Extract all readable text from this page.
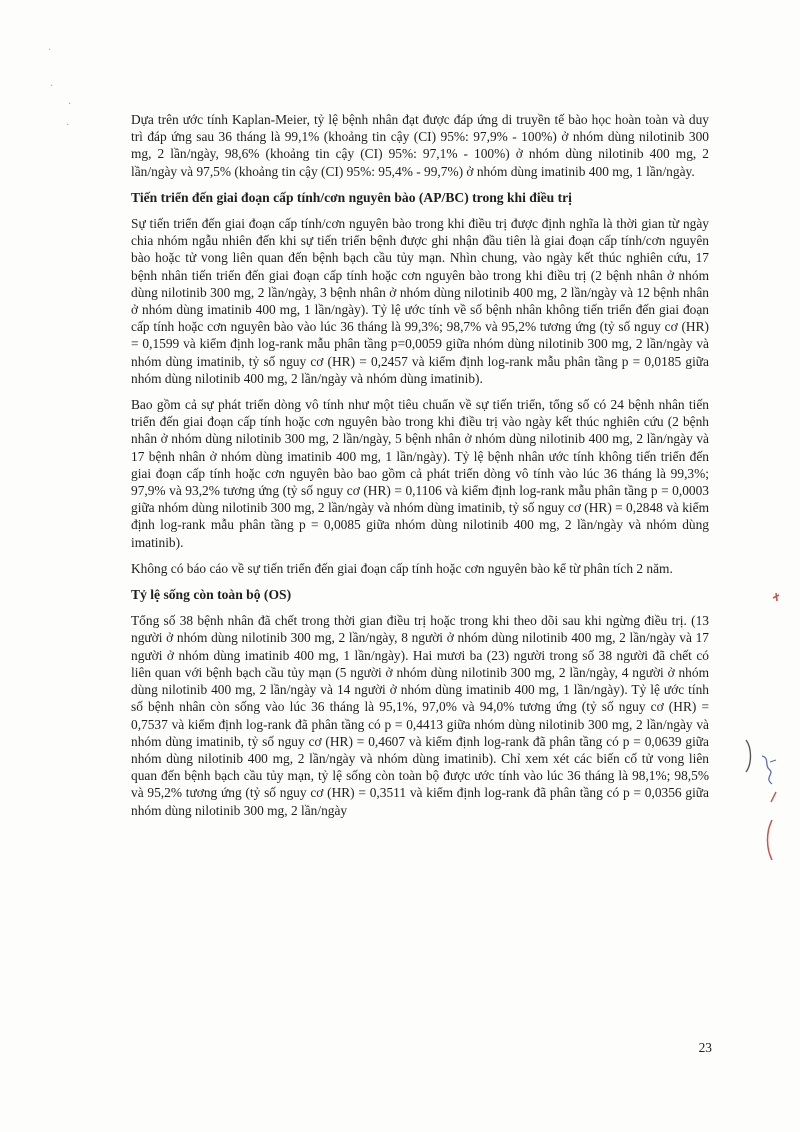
·
·
·
·	Dựa trên ước tính Kaplan-Meier, tỷ lệ bệnh nhân đạt được đáp ứng di truyền tế bào học hoàn toàn và duy trì đáp ứng sau 36 tháng là 99,1% (khoảng tin cậy (CI) 95%: 97,9% - 100%) ở nhóm dùng nilotinib 300 mg, 2 lần/ngày, 98,6% (khoảng tin cậy (CI) 95%: 97,1% - 100%) ở nhóm dùng nilotinib 400 mg, 2 lần/ngày và 97,5% (khoảng tin cậy (CI) 95%: 95,4% - 99,7%) ở nhóm dùng imatinib 400 mg, 1 lần/ngày.

Tiến triển đến giai đoạn cấp tính/cơn nguyên bào (AP/BC) trong khi điều trị

Sự tiến triển đến giai đoạn cấp tính/cơn nguyên bào trong khi điều trị được định nghĩa là thời gian từ ngày chia nhóm ngẫu nhiên đến khi sự tiến triển bệnh được ghi nhận đầu tiên là giai đoạn cấp tính/cơn nguyên bào hoặc tử vong liên quan đến bệnh bạch cầu tủy mạn. Nhìn chung, vào ngày kết thúc nghiên cứu, 17 bệnh nhân tiến triển đến giai đoạn cấp tính hoặc cơn nguyên bào trong khi điều trị (2 bệnh nhân ở nhóm dùng nilotinib 300 mg, 2 lần/ngày, 3 bệnh nhân ở nhóm dùng nilotinib 400 mg, 2 lần/ngày và 12 bệnh nhân ở nhóm dùng imatinib 400 mg, 1 lần/ngày). Tỷ lệ ước tính về số bệnh nhân không tiến triển đến giai đoạn cấp tính hoặc cơn nguyên bào vào lúc 36 tháng là 99,3%; 98,7% và 95,2% tương ứng (tỷ số nguy cơ (HR) = 0,1599 và kiểm định log-rank mẫu phân tầng p=0,0059 giữa nhóm dùng nilotinib 300 mg, 2 lần/ngày và nhóm dùng imatinib, tỷ số nguy cơ (HR) = 0,2457 và kiểm định log-rank mẫu phân tầng p = 0,0185 giữa nhóm dùng nilotinib 400 mg, 2 lần/ngày và nhóm dùng imatinib).

Bao gồm cả sự phát triển dòng vô tính như một tiêu chuẩn về sự tiến triển, tổng số có 24 bệnh nhân tiến triển đến giai đoạn cấp tính hoặc cơn nguyên bào trong khi điều trị vào ngày kết thúc nghiên cứu (2 bệnh nhân ở nhóm dùng nilotinib 300 mg, 2 lần/ngày, 5 bệnh nhân ở nhóm dùng nilotinib 400 mg, 2 lần/ngày và 17 bệnh nhân ở nhóm dùng imatinib 400 mg, 1 lần/ngày). Tỷ lệ bệnh nhân ước tính không tiến triển đến giai đoạn cấp tính hoặc cơn nguyên bào bao gồm cả phát triển dòng vô tính vào lúc 36 tháng là 99,3%; 97,9% và 93,2% tương ứng (tỷ số nguy cơ (HR) = 0,1106 và kiểm định log-rank mẫu phân tầng p = 0,0003 giữa nhóm dùng nilotinib 300 mg, 2 lần/ngày và nhóm dùng imatinib, tỷ số nguy cơ (HR) = 0,2848 và kiểm định log-rank mẫu phân tầng p = 0,0085 giữa nhóm dùng nilotinib 400 mg, 2 lần/ngày và nhóm dùng imatinib).

Không có báo cáo về sự tiến triển đến giai đoạn cấp tính hoặc cơn nguyên bào kể từ phân tích 2 năm.

Tỷ lệ sống còn toàn bộ (OS)

Tổng số 38 bệnh nhân đã chết trong thời gian điều trị hoặc trong khi theo dõi sau khi ngừng điều trị. (13 người ở nhóm dùng nilotinib 300 mg, 2 lần/ngày, 8 người ở nhóm dùng nilotinib 400 mg, 2 lần/ngày và 17 người ở nhóm dùng imatinib 400 mg, 1 lần/ngày). Hai mươi ba (23) người trong số 38 người đã chết có liên quan với bệnh bạch cầu tủy mạn (5 người ở nhóm dùng nilotinib 300 mg, 2 lần/ngày, 4 người ở nhóm dùng nilotinib 400 mg, 2 lần/ngày và 14 người ở nhóm dùng imatinib 400 mg, 1 lần/ngày). Tỷ lệ ước tính số bệnh nhân còn sống vào lúc 36 tháng là 95,1%, 97,0% và 94,0% tương ứng (tỷ số nguy cơ (HR) = 0,7537 và kiểm định log-rank đã phân tầng có p = 0,4413 giữa nhóm dùng nilotinib 300 mg, 2 lần/ngày và nhóm dùng imatinib, tỷ số nguy cơ (HR) = 0,4607 và kiểm định log-rank đã phân tầng có p = 0,0639 giữa nhóm dùng nilotinib 400 mg, 2 lần/ngày và nhóm dùng imatinib). Chỉ xem xét các biến cố tử vong liên quan đến bệnh bạch cầu tủy mạn, tỷ lệ sống còn toàn bộ được ước tính vào lúc 36 tháng là 98,1%; 98,5% và 95,2% tương ứng (tỷ số nguy cơ (HR) = 0,3511 và kiểm định log-rank đã phân tầng có p = 0,0356 giữa nhóm dùng nilotinib 300 mg, 2 lần/ngày

23
